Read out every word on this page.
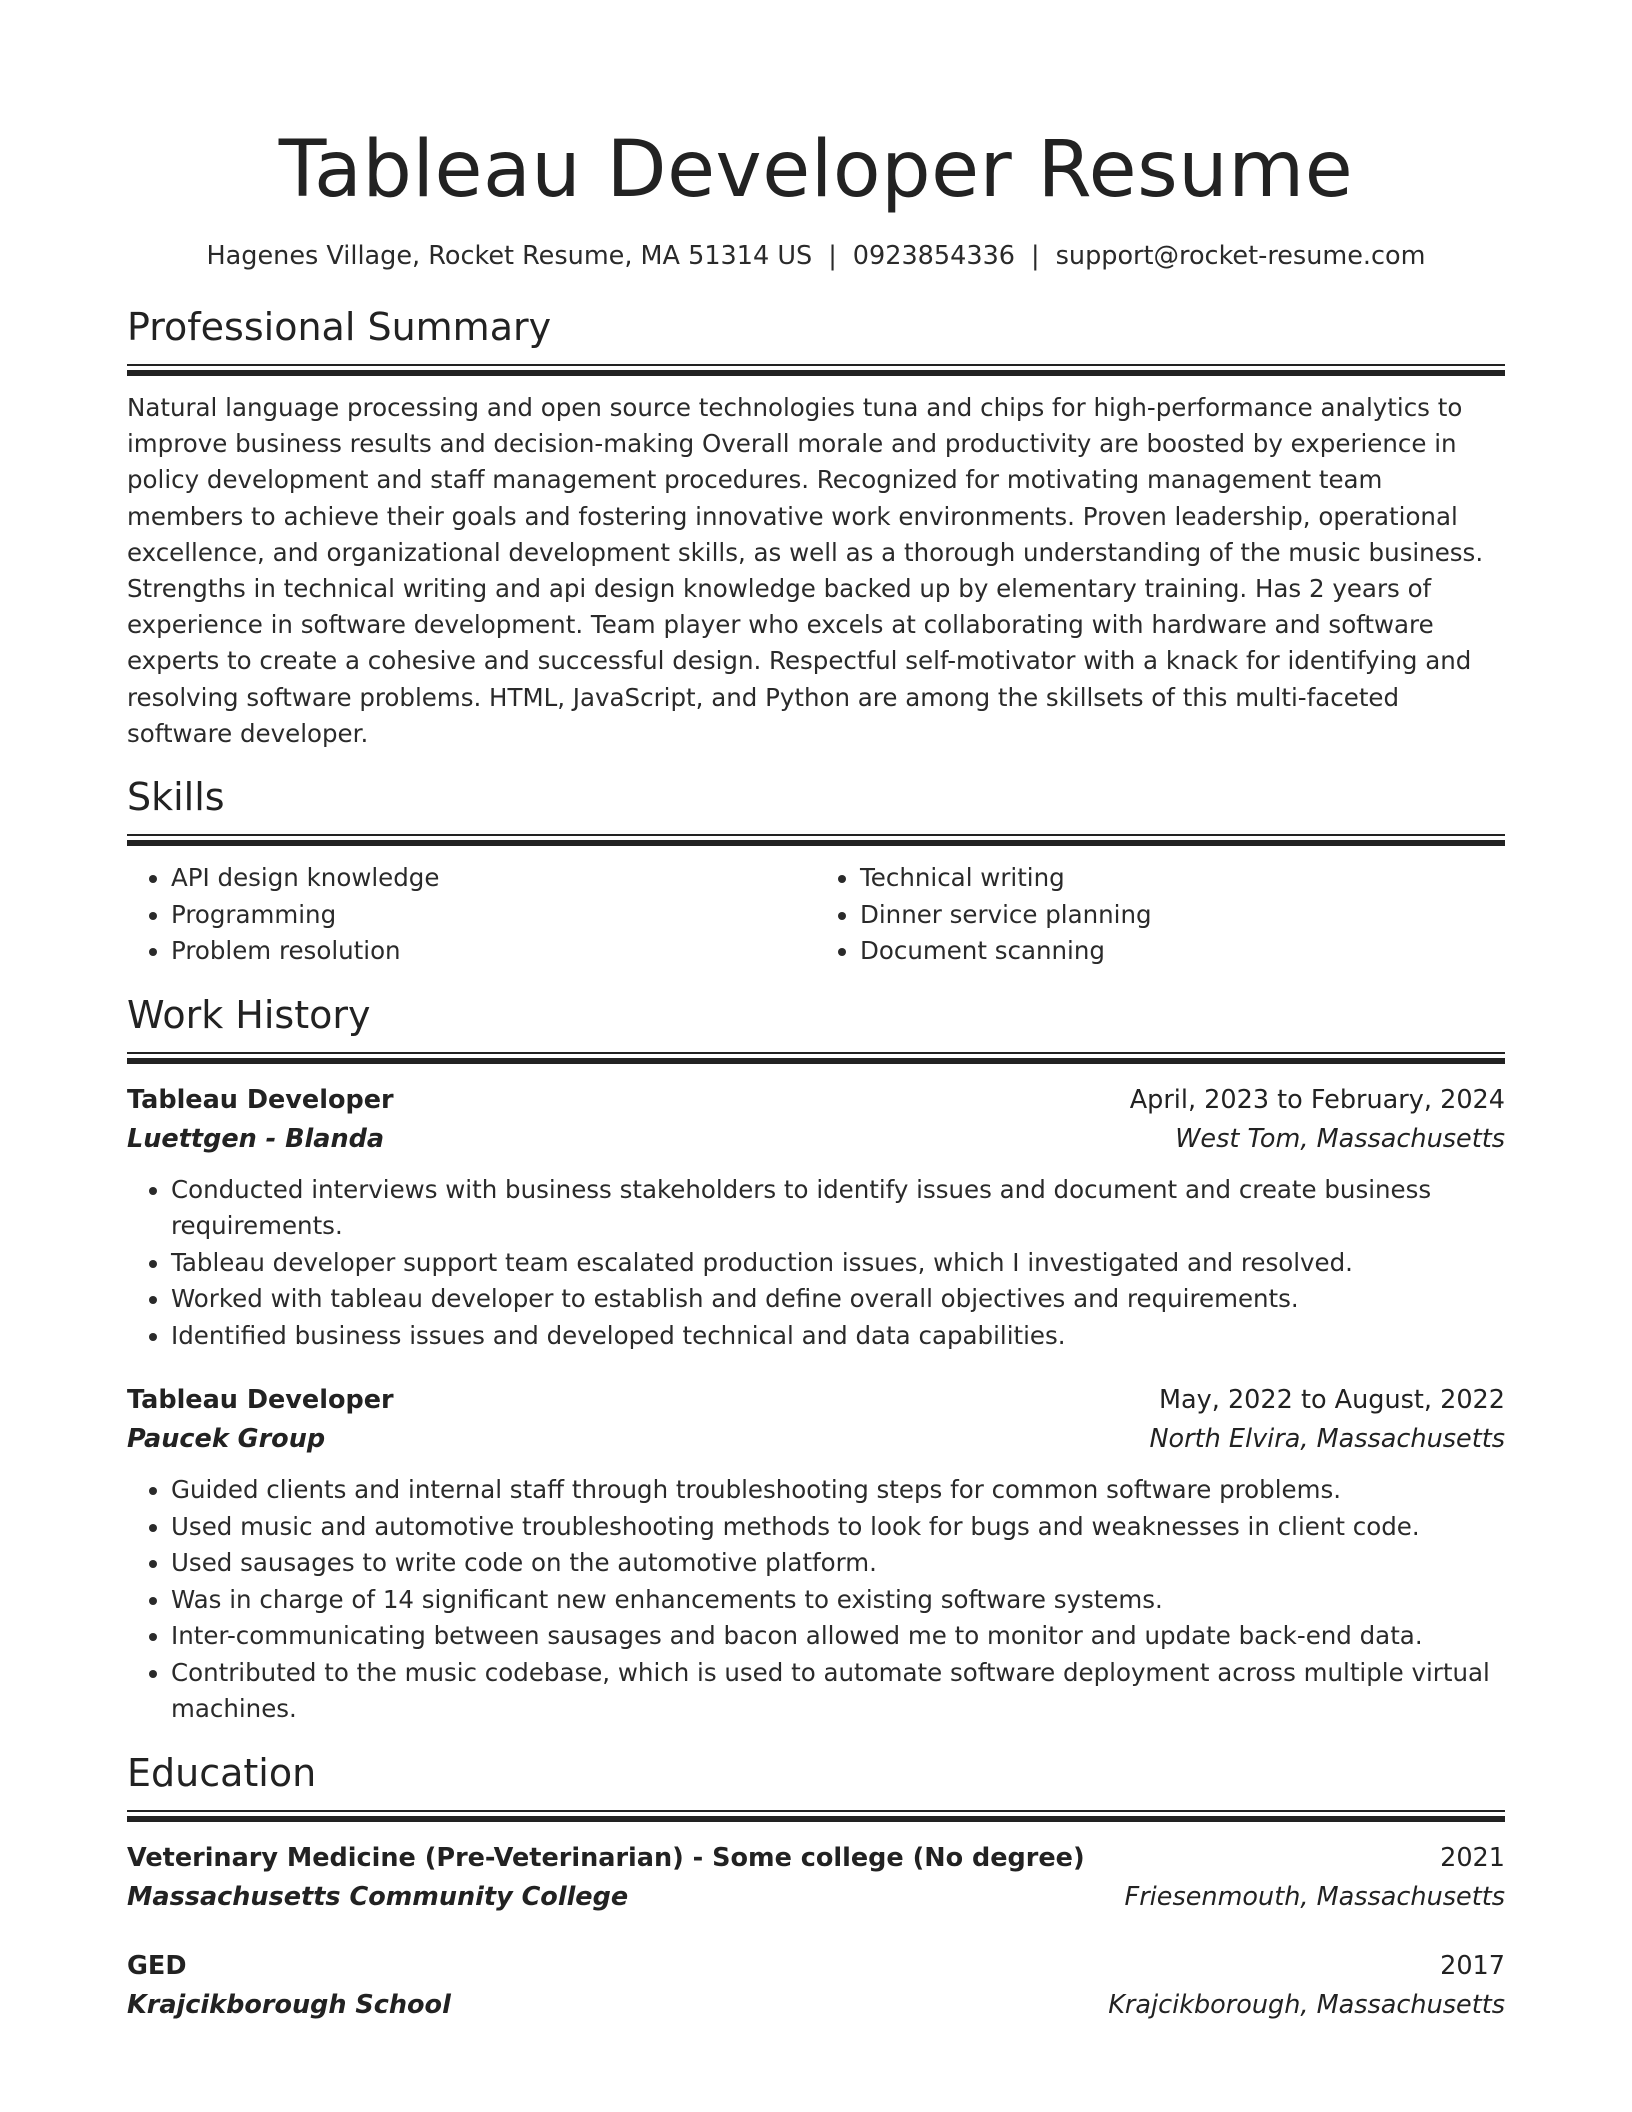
Tableau Developer Resume
Hagenes Village, Rocket Resume, MA 51314 US | 0923854336 | support@rocket-resume.com
Professional Summary

Natural language processing and open source technologies tuna and chips for high-performance analytics to improve business results and decision-making Overall morale and productivity are boosted by experience in policy development and staff management procedures. Recognized for motivating management team members to achieve their goals and fostering innovative work environments. Proven leadership, operational excellence, and organizational development skills, as well as a thorough understanding of the music business. Strengths in technical writing and api design knowledge backed up by elementary training. Has 2 years of experience in software development. Team player who excels at collaborating with hardware and software experts to create a cohesive and successful design. Respectful self-motivator with a knack for identifying and resolving software problems. HTML, JavaScript, and Python are among the skillsets of this multi-faceted software developer.

Skills
• API design knowledge
• Programming
• Problem resolution
• Technical writing
• Dinner service planning
• Document scanning
Work History
Tableau Developer	April, 2023 to February, 2024
Luettgen - Blanda	West Tom, Massachusetts
• Conducted interviews with business stakeholders to identify issues and document and create business requirements.
• Tableau developer support team escalated production issues, which I investigated and resolved.
• Worked with tableau developer to establish and define overall objectives and requirements.
• Identified business issues and developed technical and data capabilities.
Tableau Developer	May, 2022 to August, 2022
Paucek Group	North Elvira, Massachusetts
• Guided clients and internal staff through troubleshooting steps for common software problems.
• Used music and automotive troubleshooting methods to look for bugs and weaknesses in client code.
• Used sausages to write code on the automotive platform.
• Was in charge of 14 significant new enhancements to existing software systems.
• Inter-communicating between sausages and bacon allowed me to monitor and update back-end data.
• Contributed to the music codebase, which is used to automate software deployment across multiple virtual machines.
Education
Veterinary Medicine (Pre-Veterinarian) - Some college (No degree)	2021
Massachusetts Community College	Friesenmouth, Massachusetts
GED	2017
Krajcikborough School	Krajcikborough, Massachusetts
